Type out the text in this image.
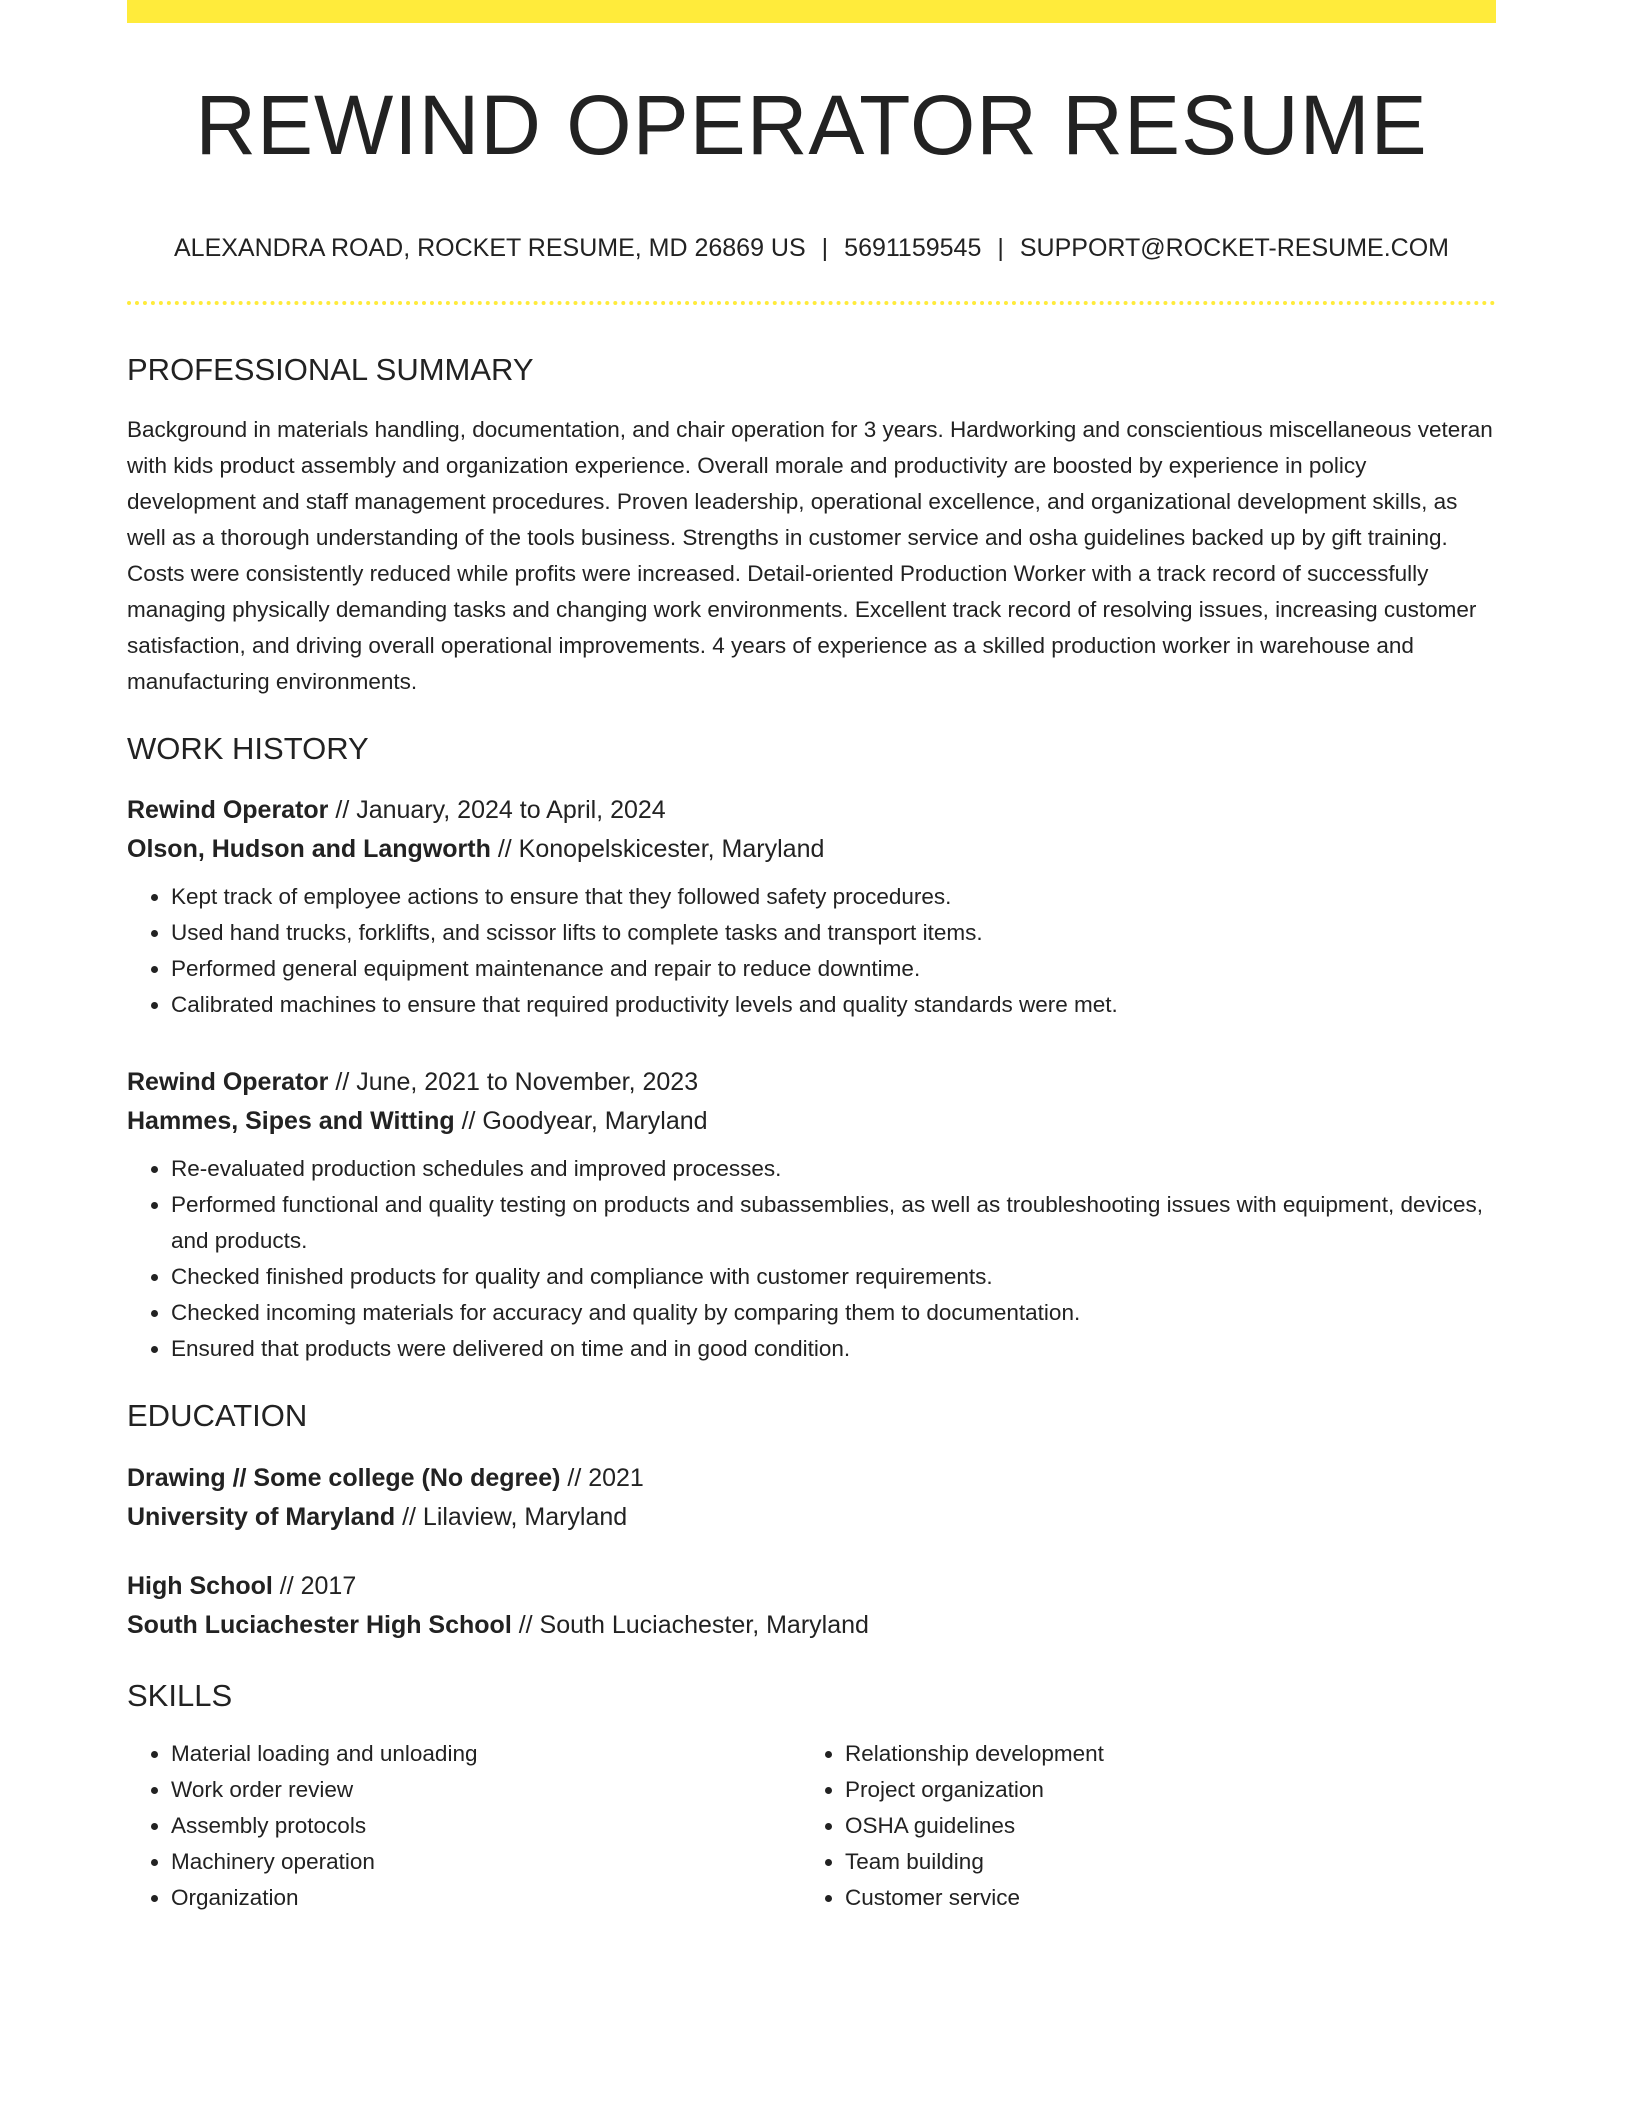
REWIND OPERATOR RESUME
ALEXANDRA ROAD, ROCKET RESUME, MD 26869 US | 5691159545 | SUPPORT@ROCKET-RESUME.COM
PROFESSIONAL SUMMARY
Background in materials handling, documentation, and chair operation for 3 years. Hardworking and conscientious miscellaneous veteran with kids product assembly and organization experience. Overall morale and productivity are boosted by experience in policy development and staff management procedures. Proven leadership, operational excellence, and organizational development skills, as well as a thorough understanding of the tools business. Strengths in customer service and osha guidelines backed up by gift training. Costs were consistently reduced while profits were increased. Detail-oriented Production Worker with a track record of successfully managing physically demanding tasks and changing work environments. Excellent track record of resolving issues, increasing customer satisfaction, and driving overall operational improvements. 4 years of experience as a skilled production worker in warehouse and manufacturing environments.
WORK HISTORY
Rewind Operator // January, 2024 to April, 2024
Olson, Hudson and Langworth // Konopelskicester, Maryland
• Kept track of employee actions to ensure that they followed safety procedures.
• Used hand trucks, forklifts, and scissor lifts to complete tasks and transport items.
• Performed general equipment maintenance and repair to reduce downtime.
• Calibrated machines to ensure that required productivity levels and quality standards were met.
Rewind Operator // June, 2021 to November, 2023
Hammes, Sipes and Witting // Goodyear, Maryland
• Re-evaluated production schedules and improved processes.
• Performed functional and quality testing on products and subassemblies, as well as troubleshooting issues with equipment, devices, and products.
• Checked finished products for quality and compliance with customer requirements.
• Checked incoming materials for accuracy and quality by comparing them to documentation.
• Ensured that products were delivered on time and in good condition.
EDUCATION
Drawing // Some college (No degree) // 2021
University of Maryland // Lilaview, Maryland
High School // 2017
South Luciachester High School // South Luciachester, Maryland
SKILLS
• Material loading and unloading
• Work order review
• Assembly protocols
• Machinery operation
• Organization
• Relationship development
• Project organization
• OSHA guidelines
• Team building
• Customer service
